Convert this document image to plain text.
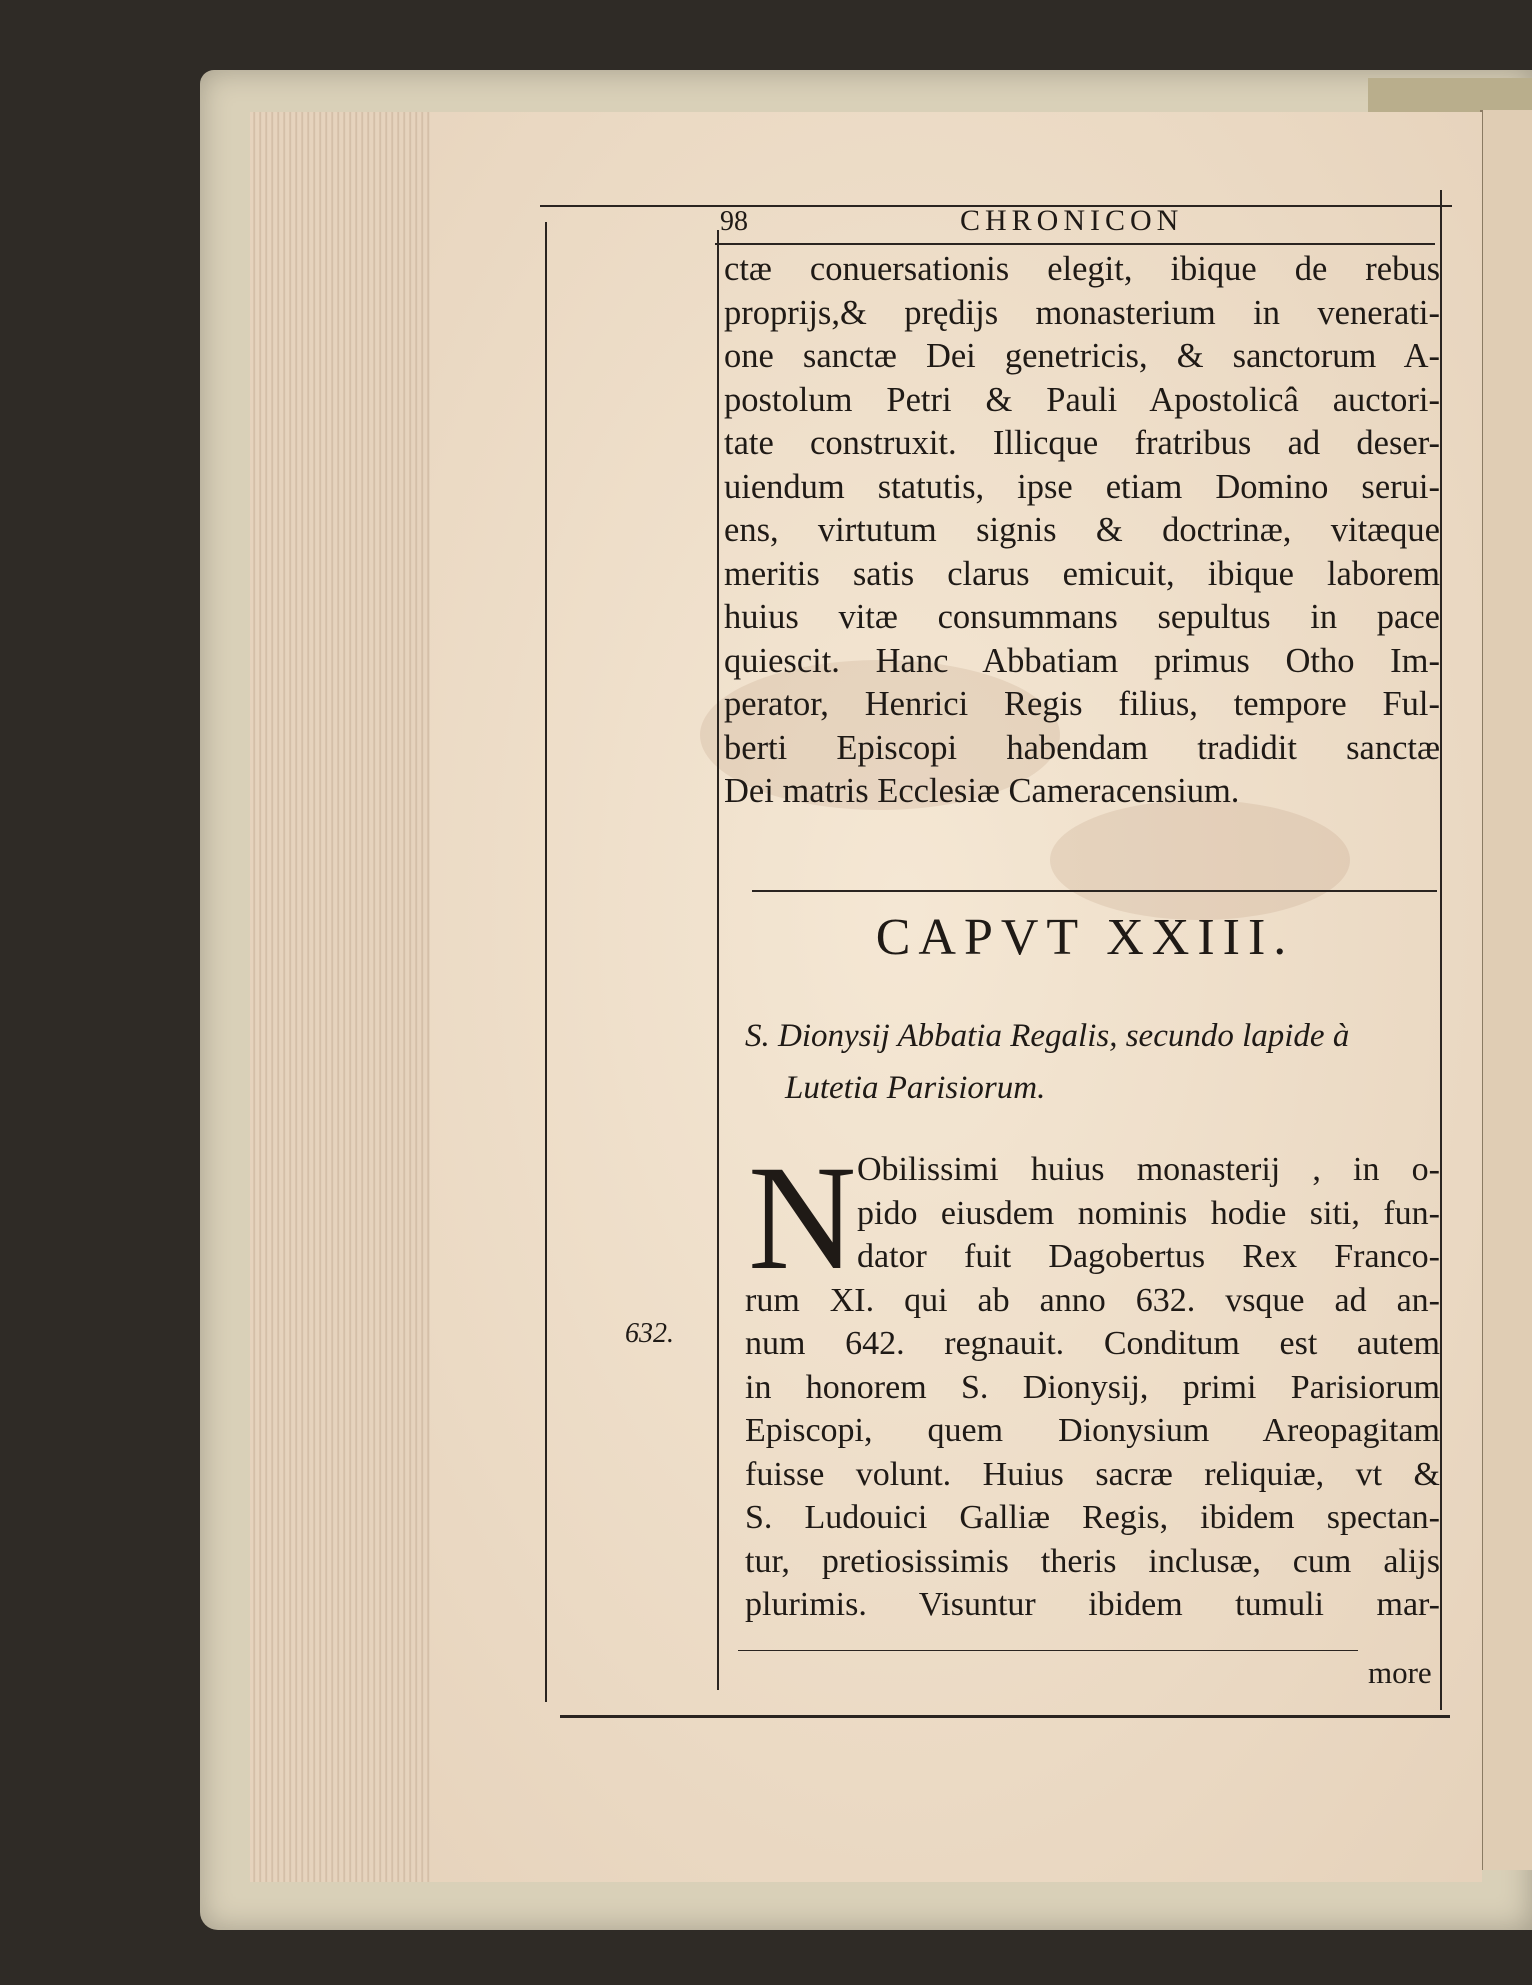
98	CHRONICON
ctæ conuersationis elegit, ibique de rebus
proprijs,& prędijs monasterium in venerati-
one sanctæ Dei genetricis, & sanctorum A-
postolum Petri & Pauli Apostolicâ auctori-
tate construxit. Illicque fratribus ad deser-
uiendum statutis, ipse etiam Domino serui-
ens, virtutum signis & doctrinæ, vitæque
meritis satis clarus emicuit, ibique laborem
huius vitæ consummans sepultus in pace
quiescit. Hanc Abbatiam primus Otho Im-
perator, Henrici Regis filius, tempore Ful-
berti Episcopi habendam tradidit sanctæ
Dei matris Ecclesiæ Cameracensium.
CAPVT XXIII.
S. Dionysij Abbatia Regalis, secundo lapide à
Lutetia Parisiorum.
N Obilissimi huius monasterij , in o-
pido eiusdem nominis hodie siti, fun-
dator fuit Dagobertus Rex Franco-
rum XI. qui ab anno 632. vsque ad an-
num 642. regnauit. Conditum est autem
in honorem S. Dionysij, primi Parisiorum
Episcopi, quem Dionysium Areopagitam
fuisse volunt. Huius sacræ reliquiæ, vt &
S. Ludouici Galliæ Regis, ibidem spectan-
tur, pretiosissimis theris inclusæ, cum alijs
plurimis. Visuntur ibidem tumuli mar-
632.
more
